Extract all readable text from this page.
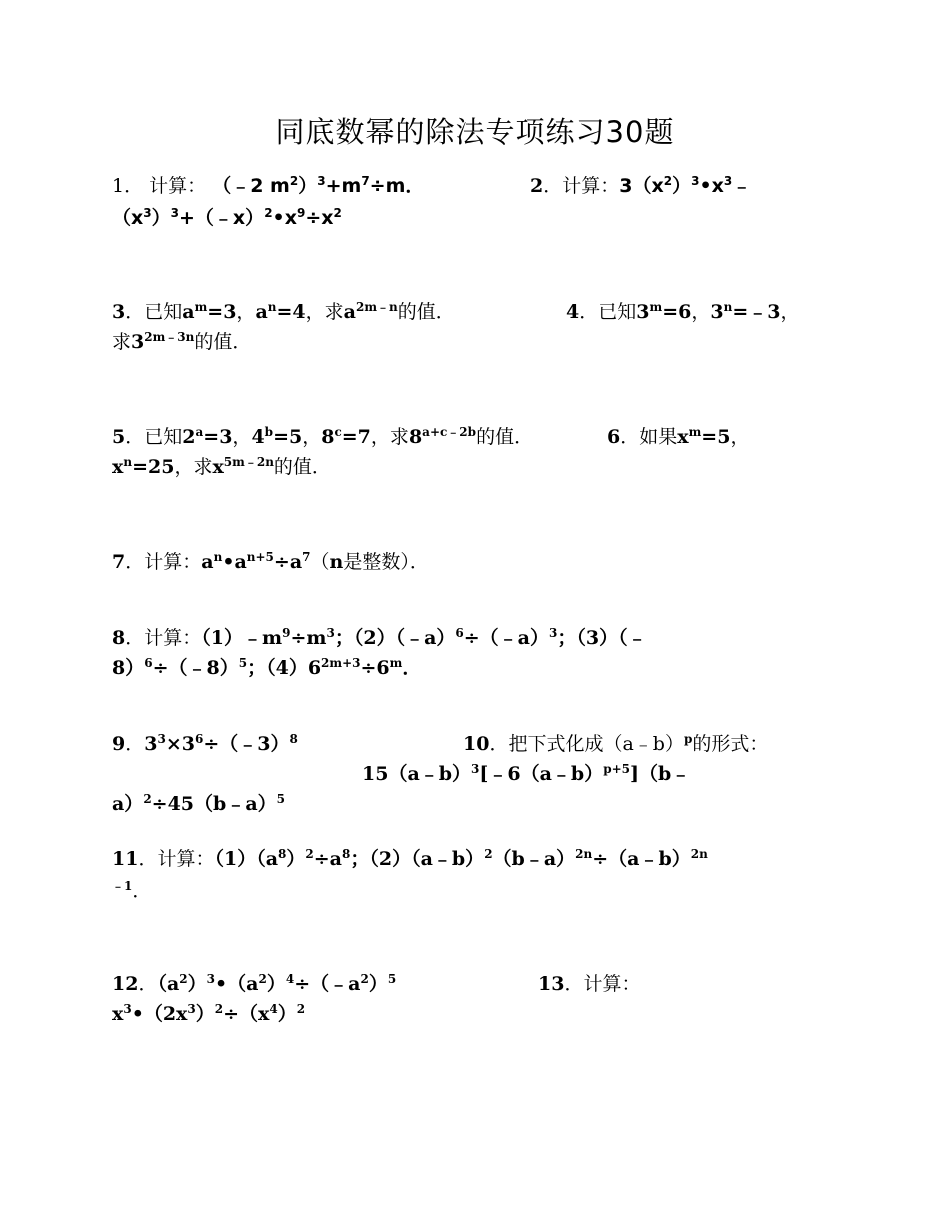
同底数幂的除法专项练习30题
1． 计算： （﹣2 $m^2)^3+m^7\div m$．	2．计算：$3(x^2)^3•x^3﹣$
$(x^3)^3+(﹣x)^2•x^9\div x^2$
3．已知$a^m=3$，$a^n=4$，求$a^{2m﹣n}$的值．	4．已知$3^m=6$，$3^n=﹣3$，
求$3^{2m﹣3n}$的值．
5．已知$2^a=3$，$4^b=5$，$8^c=7$，求$8^{a+c﹣2b}$的值．	6．如果$x^m=5$，
$x^n=25$，求$x^{5m﹣2n}$的值．
7．计算：$a^n•a^{n+5}\div a^7(n$是整数）．
8．计算：$(1)﹣m^9\div m^3$；（2）（﹣a）$^6$÷（﹣a）$^3$；（3）（﹣
8）$^6$÷（﹣8）$^5$；$(4)6^{2m+3}\div 6^m$．
9．$3^3\times 3^6\div(﹣3)^8$	10．把下式化成（a﹣b）$^p$的形式：
15（a﹣b）$^3$[﹣6（a﹣b）$^{p+5}$]（b﹣
a）$^2$÷45（b﹣a）$^5$
11．计算：$(1)(a^8)^2\div a^8$；（2）（a﹣b）$^2$（b﹣a）$^{2n}$÷（a﹣b）$^{2n}$
$^{﹣1}$．
12．$(a^2)^3•(a^2)^4\div(﹣a^2)^5$	13．计算：
$x^3•(2x^3)^2\div(x^4)^2$
